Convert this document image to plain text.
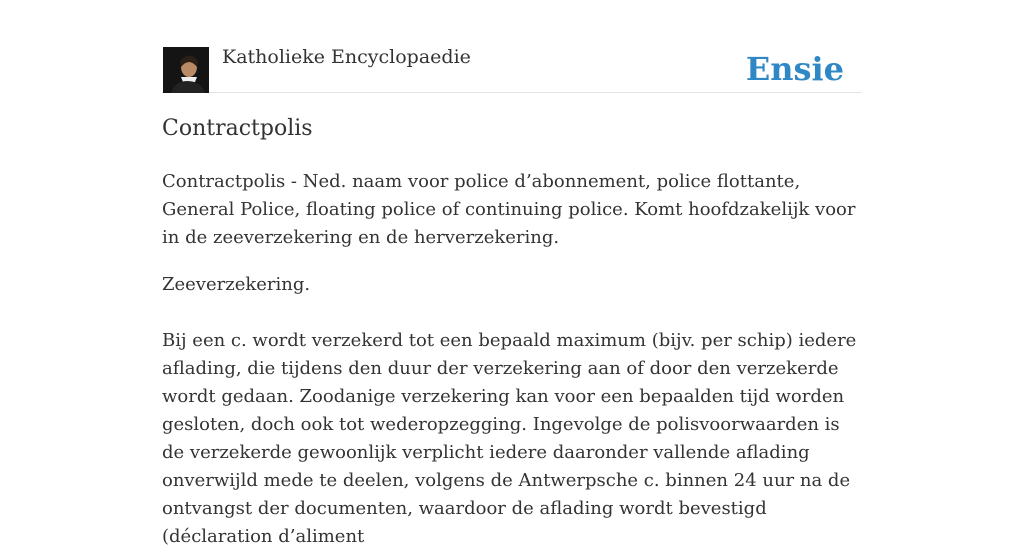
Katholieke Encyclopaedie	Ensie
Contractpolis

Contractpolis - Ned. naam voor police d’abonnement, police flottante, General Police, floating police of continuing police. Komt hoofdzakelijk voor in de zeeverzekering en de herverzekering.

Zeeverzekering.

Bij een c. wordt verzekerd tot een bepaald maximum (bijv. per schip) iedere aflading, die tijdens den duur der verzekering aan of door den verzekerde wordt gedaan. Zoodanige verzekering kan voor een bepaalden tijd worden gesloten, doch ook tot wederopzegging. Ingevolge de polisvoorwaarden is de verzekerde gewoonlijk verplicht iedere daaronder vallende aflading onverwijld mede te deelen, volgens de Antwerpsche c. binnen 24 uur na de ontvangst der documenten, waardoor de aflading wordt bevestigd (déclaration d’aliment
